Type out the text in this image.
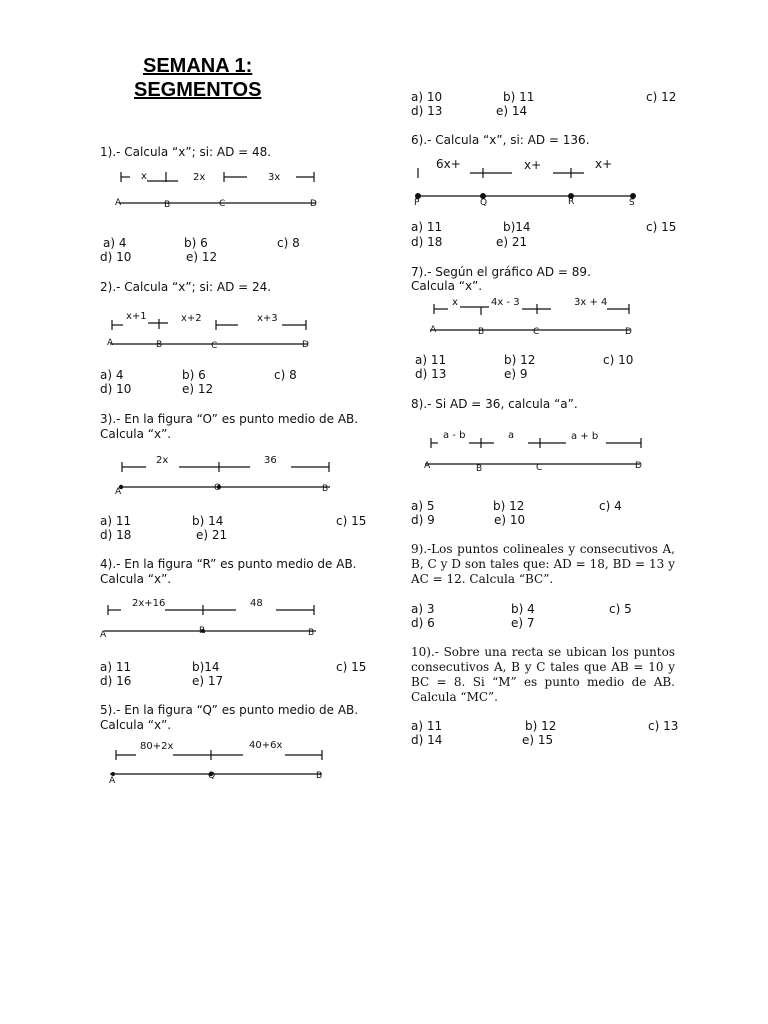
SEMANA 1:
SEGMENTOS
1).- Calcula “x”; si: AD = 48.
x	2x	3x
A	B	C	D
a) 4	b) 6	c) 8
d) 10	e) 12
2).- Calcula “x”; si: AD = 24.
x+1	x+2	x+3
A	B	C	D
a) 4	b) 6	c) 8
d) 10	e) 12
3).- En la figura “O” es punto medio de AB.
Calcula “x”.
2x	36
A	O	B
a) 11	b) 14	c) 15
d) 18	e) 21
4).- En la figura “R” es punto medio de AB.
Calcula “x”.
2x+16	48
A	R	B
a) 11	b)14	c) 15
d) 16	e) 17
5).- En la figura “Q” es punto medio de AB.
Calcula “x”.
80+2x	40+6x
A	Q	B
a) 10	b) 11	c) 12
d) 13	e) 14
6).- Calcula “x”, si: AD = 136.
6x+	x+	x+
P	Q	R	S
a) 11	b)14	c) 15
d) 18	e) 21
7).- Según el gráfico AD = 89.
Calcula “x”.
x	4x - 3	3x + 4
A	B	C	D
a) 11	b) 12	c) 10
d) 13	e) 9
8).- Si AD = 36, calcula “a”.
a - b	a	a + b
A	B	C	D
a) 5	b) 12	c) 4
d) 9	e) 10
9).-Los puntos colineales y consecutivos A, B, C y D son tales que: AD = 18, BD = 13 y AC = 12. Calcula “BC”.
a) 3	b) 4	c) 5
d) 6	e) 7
10).- Sobre una recta se ubican los puntos consecutivos A, B y C tales que AB = 10 y BC = 8. Si “M” es punto medio de AB. Calcula “MC”.
a) 11	b) 12	c) 13
d) 14	e) 15
